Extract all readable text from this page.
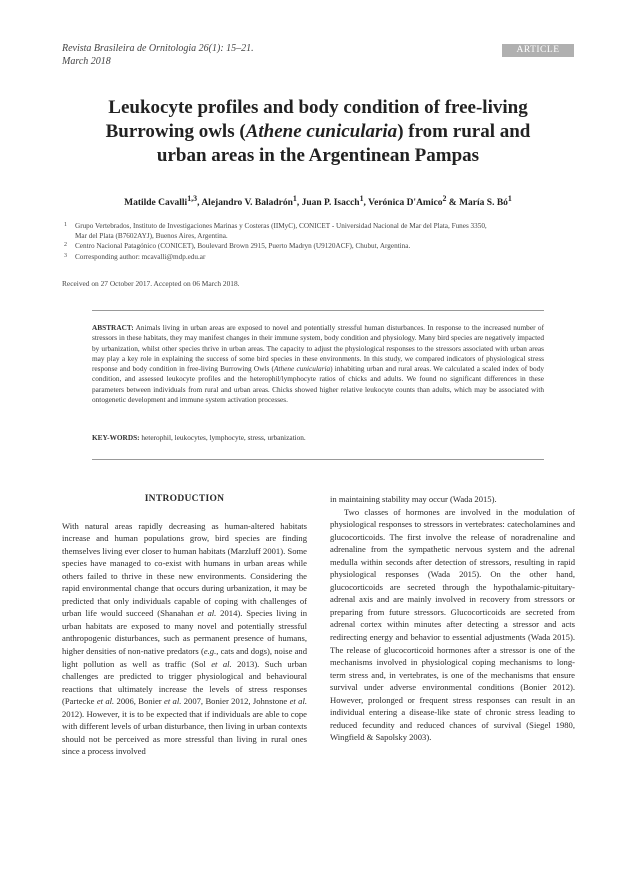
Revista Brasileira de Ornitologia 26(1): 15–21.
March 2018
ARTICLE
Leukocyte profiles and body condition of free-living
Burrowing owls (Athene cunicularia) from rural and
urban areas in the Argentinean Pampas
Matilde Cavalli$^{1,3}$, Alejandro V. Baladrón$^1$, Juan P. Isacch$^1$, Verónica D'Amico$^2$ & María S. $Bó^1$
1 Grupo Vertebrados, Instituto de Investigaciones Marinas y Costeras (IIMyC), CONICET - Universidad Nacional de Mar del Plata, Funes 3350,
Mar del Plata (B7602AYJ), Buenos Aires, Argentina.
2 Centro Nacional Patagónico (CONICET), Boulevard Brown 2915, Puerto Madryn (U9120ACF), Chubut, Argentina.
3 Corresponding author: mcavalli@mdp.edu.ar
Received on 27 October 2017. Accepted on 06 March 2018.
ABSTRACT: Animals living in urban areas are exposed to novel and potentially stressful human disturbances. In response to the increased number of stressors in these habitats, they may manifest changes in their immune system, body condition and physiology. Many bird species are negatively impacted by urbanization, whilst other species thrive in urban areas. The capacity to adjust the physiological responses to the stressors associated with urban areas may play a key role in explaining the success of some bird species in these environments. In this study, we compared indicators of physiological stress response and body condition in free-living Burrowing Owls (Athene cunicularia) inhabiting urban and rural areas. We calculated a scaled index of body condition, and assessed leukocyte profiles and the heterophil/lymphocyte ratios of chicks and adults. We found no significant differences in these parameters between individuals from rural and urban areas. Chicks showed higher relative leukocyte counts than adults, which may be associated with ontogenetic development and immune system activation processes.
KEY-WORDS: heterophil, leukocytes, lymphocyte, stress, urbanization.
INTRODUCTION

With natural areas rapidly decreasing as human-altered habitats increase and human populations grow, bird species are finding themselves living ever closer to human habitats (Marzluff 2001). Some species have managed to co-exist with humans in urban areas while others failed to thrive in these new environments. Considering the rapid environmental change that occurs during urbanization, it may be predicted that only individuals capable of coping with challenges of urban life would succeed (Shanahan et al. 2014). Species living in urban habitats are exposed to many novel and potentially stressful anthropogenic disturbances, such as permanent presence of humans, higher densities of non-native predators (e.g., cats and dogs), noise and light pollution as well as traffic (Sol et al. 2013). Such urban challenges are predicted to trigger physiological and behavioural reactions that ultimately increase the levels of stress responses (Partecke et al. 2006, Bonier et al. 2007, Bonier 2012, Johnstone et al. 2012). However, it is to be expected that if individuals are able to cope with different levels of urban disturbance, then living in urban contexts should not be perceived as more stressful than living in rural ones since a process involved

in maintaining stability may occur (Wada 2015).

Two classes of hormones are involved in the modulation of physiological responses to stressors in vertebrates: catecholamines and glucocorticoids. The first involve the release of noradrenaline and adrenaline from the sympathetic nervous system and the adrenal medulla within seconds after detection of stressors, resulting in rapid physiological responses (Wada 2015). On the other hand, glucocorticoids are secreted through the hypothalamic-pituitary-adrenal axis and are mainly involved in recovery from stressors or preparing from future stressors. Glucocorticoids are secreted from adrenal cortex within minutes after detecting a stressor and acts redirecting energy and behavior to essential adjustments (Wada 2015). The release of glucocorticoid hormones after a stressor is one of the mechanisms involved in physiological coping mechanisms to long-term stress and, in vertebrates, is one of the mechanisms that ensure survival under adverse environmental conditions (Bonier 2012). However, prolonged or frequent stress responses can result in an individual entering a disease-like state of chronic stress leading to reduced fecundity and reduced chances of survival (Siegel 1980, Wingfield & Sapolsky 2003).
